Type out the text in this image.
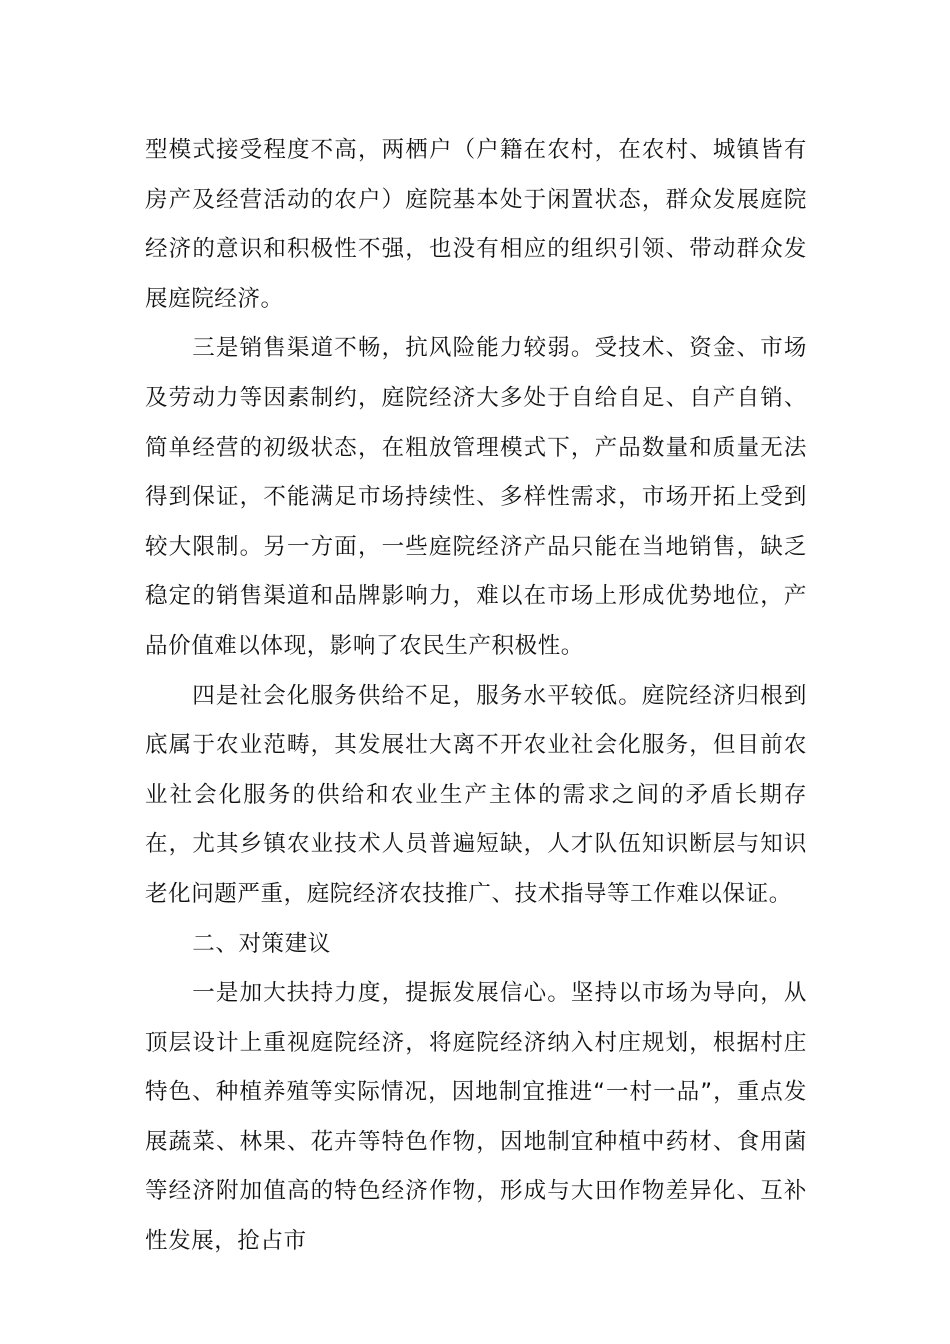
型模式接受程度不高，两栖户（户籍在农村，在农村、城镇皆有房产及经营活动的农户）庭院基本处于闲置状态，群众发展庭院经济的意识和积极性不强，也没有相应的组织引领、带动群众发展庭院经济。

三是销售渠道不畅，抗风险能力较弱。受技术、资金、市场及劳动力等因素制约，庭院经济大多处于自给自足、自产自销、简单经营的初级状态，在粗放管理模式下，产品数量和质量无法得到保证，不能满足市场持续性、多样性需求，市场开拓上受到较大限制。另一方面，一些庭院经济产品只能在当地销售，缺乏稳定的销售渠道和品牌影响力，难以在市场上形成优势地位，产品价值难以体现，影响了农民生产积极性。

四是社会化服务供给不足，服务水平较低。庭院经济归根到底属于农业范畴，其发展壮大离不开农业社会化服务，但目前农业社会化服务的供给和农业生产主体的需求之间的矛盾长期存在，尤其乡镇农业技术人员普遍短缺，人才队伍知识断层与知识老化问题严重，庭院经济农技推广、技术指导等工作难以保证。

二、对策建议

一是加大扶持力度，提振发展信心。坚持以市场为导向，从顶层设计上重视庭院经济，将庭院经济纳入村庄规划，根据村庄特色、种植养殖等实际情况，因地制宜推进“一村一品”，重点发展蔬菜、林果、花卉等特色作物，因地制宜种植中药材、食用菌等经济附加值高的特色经济作物，形成与大田作物差异化、互补性发展，抢占市
